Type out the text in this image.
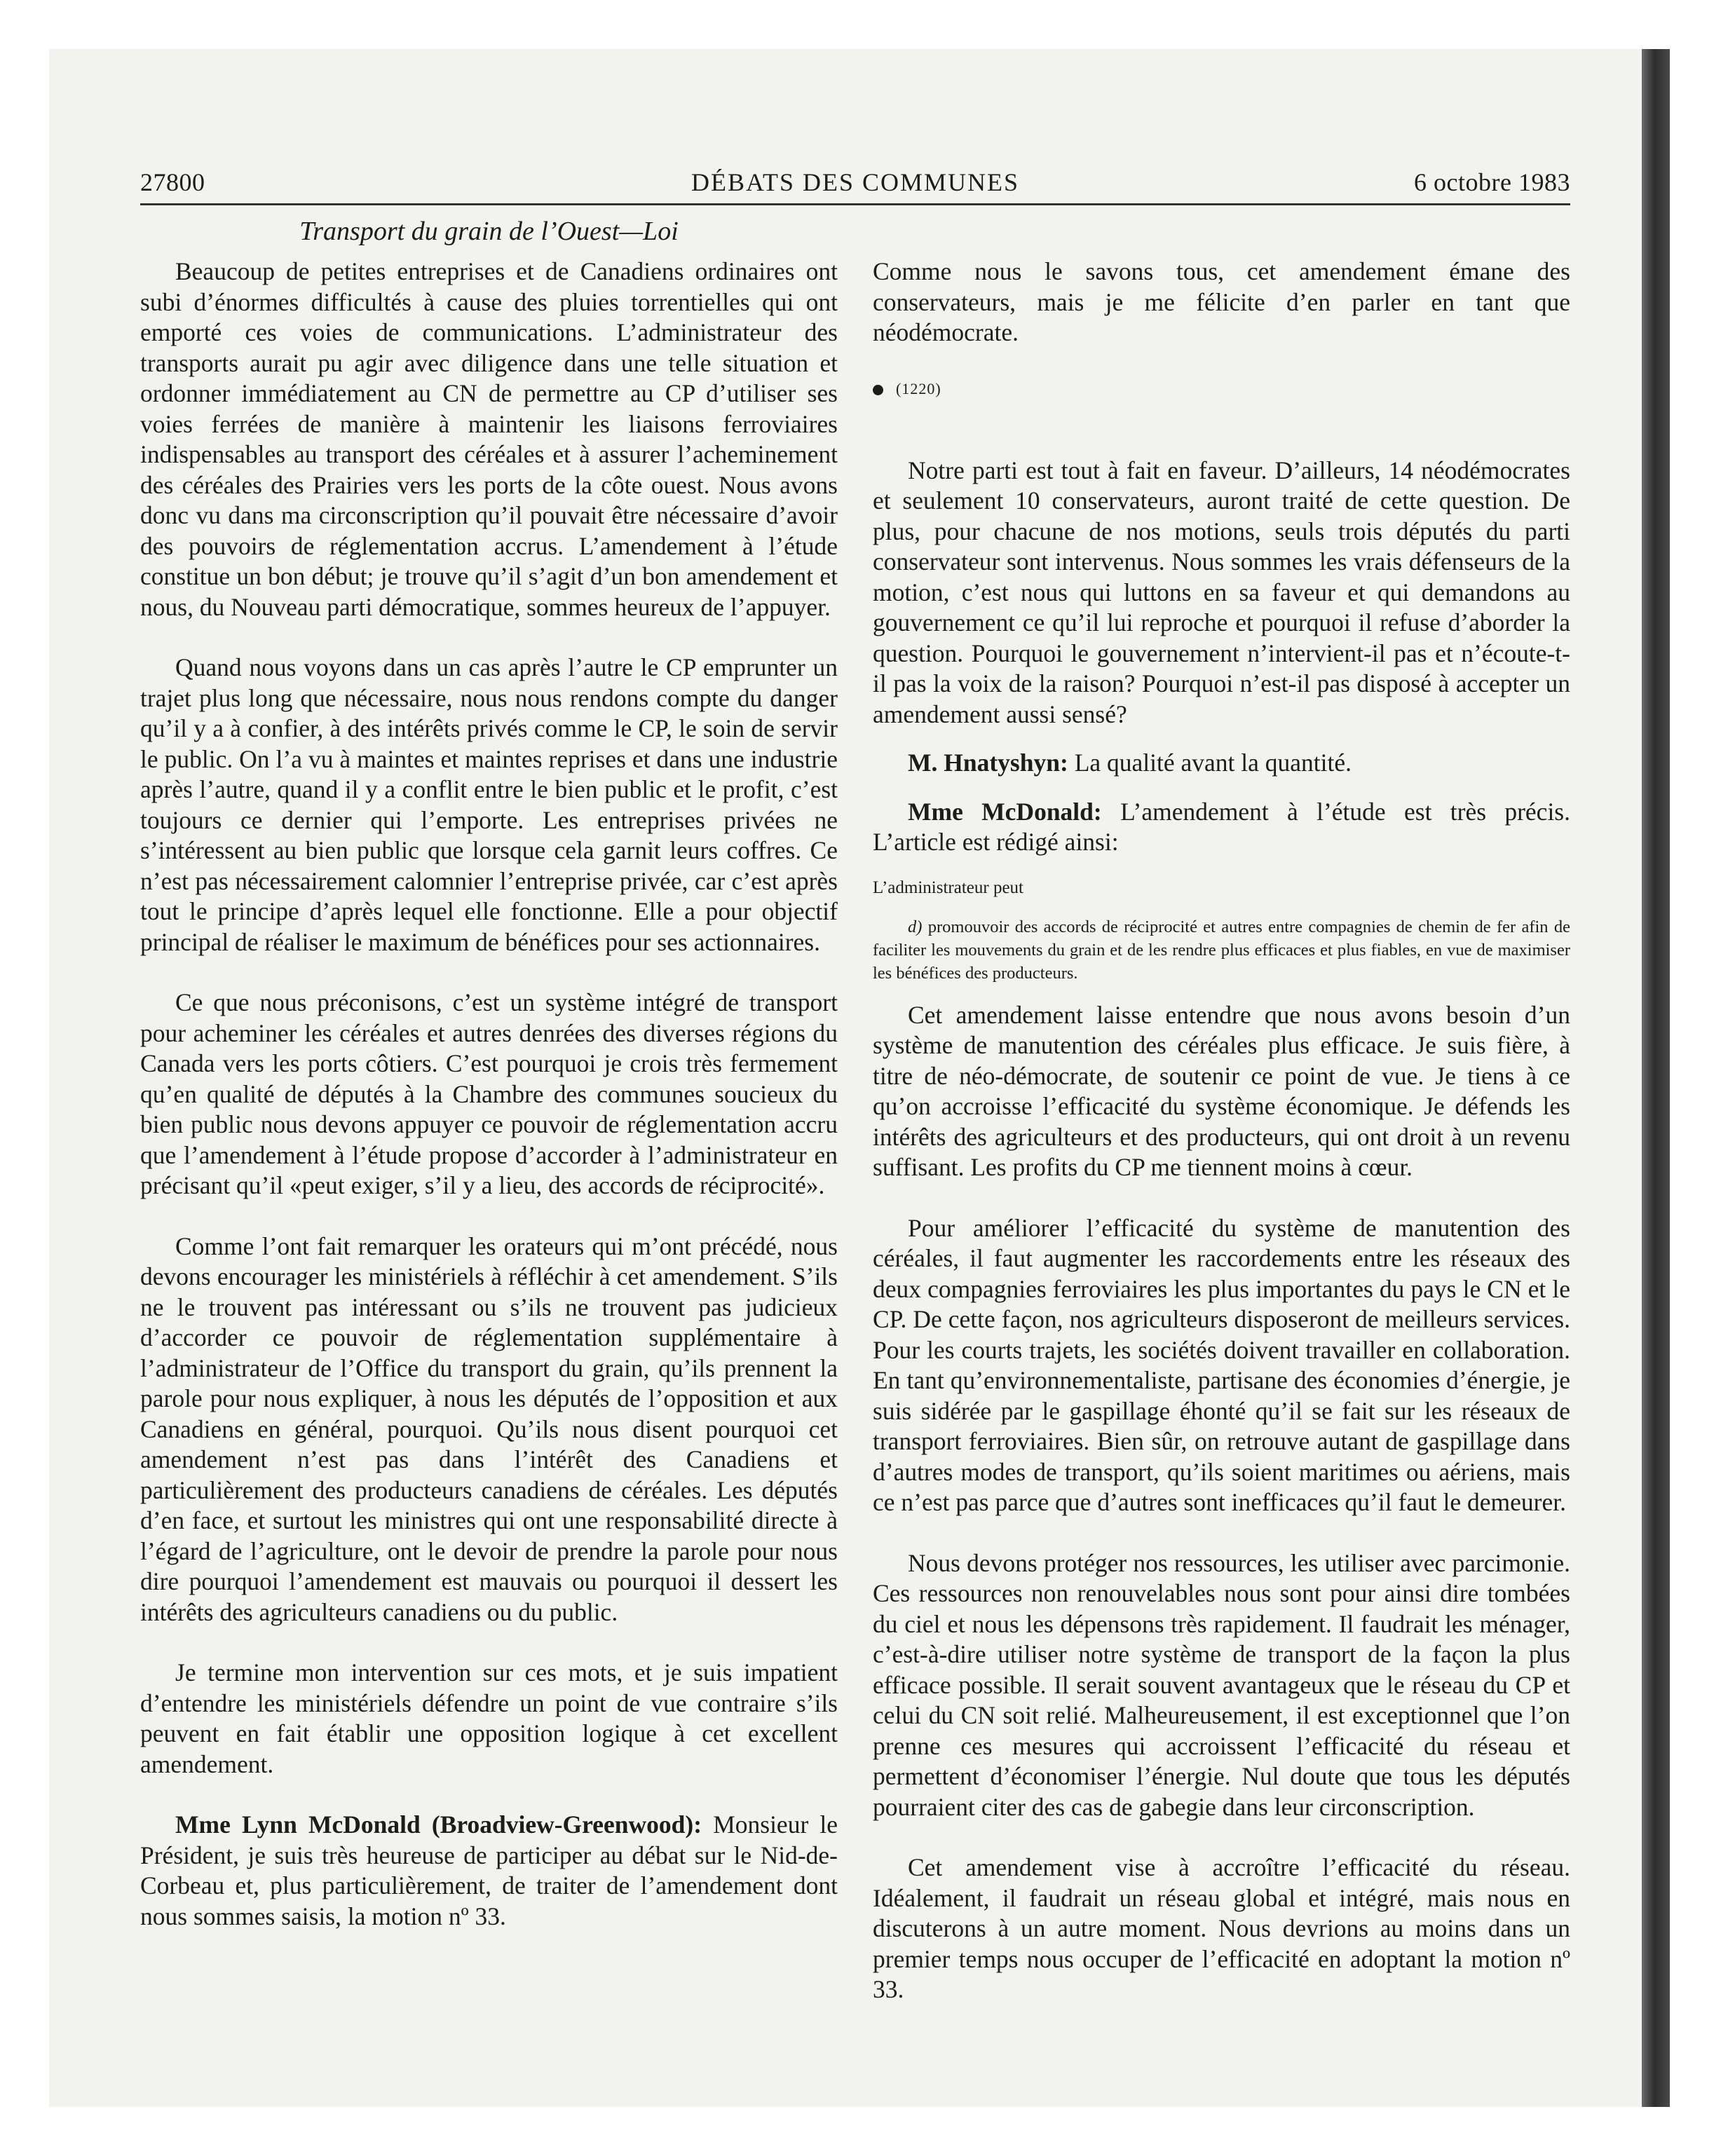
27800	DÉBATS DES COMMUNES	6 octobre 1983
Transport du grain de l’Ouest—Loi

Beaucoup de petites entreprises et de Canadiens ordinaires ont subi d’énormes difficultés à cause des pluies torrentielles qui ont emporté ces voies de communications. L’administrateur des transports aurait pu agir avec diligence dans une telle situation et ordonner immédiatement au CN de permettre au CP d’utiliser ses voies ferrées de manière à maintenir les liaisons ferroviaires indispensables au transport des céréales et à assurer l’acheminement des céréales des Prairies vers les ports de la côte ouest. Nous avons donc vu dans ma circonscription qu’il pouvait être nécessaire d’avoir des pouvoirs de réglementation accrus. L’amendement à l’étude constitue un bon début; je trouve qu’il s’agit d’un bon amendement et nous, du Nouveau parti démocratique, sommes heureux de l’appuyer.

Quand nous voyons dans un cas après l’autre le CP emprunter un trajet plus long que nécessaire, nous nous rendons compte du danger qu’il y a à confier, à des intérêts privés comme le CP, le soin de servir le public. On l’a vu à maintes et maintes reprises et dans une industrie après l’autre, quand il y a conflit entre le bien public et le profit, c’est toujours ce dernier qui l’emporte. Les entreprises privées ne s’intéressent au bien public que lorsque cela garnit leurs coffres. Ce n’est pas nécessairement calomnier l’entreprise privée, car c’est après tout le principe d’après lequel elle fonctionne. Elle a pour objectif principal de réaliser le maximum de bénéfices pour ses actionnaires.

Ce que nous préconisons, c’est un système intégré de transport pour acheminer les céréales et autres denrées des diverses régions du Canada vers les ports côtiers. C’est pourquoi je crois très fermement qu’en qualité de députés à la Chambre des communes soucieux du bien public nous devons appuyer ce pouvoir de réglementation accru que l’amendement à l’étude propose d’accorder à l’administrateur en précisant qu’il «peut exiger, s’il y a lieu, des accords de réciprocité».

Comme l’ont fait remarquer les orateurs qui m’ont précédé, nous devons encourager les ministériels à réfléchir à cet amendement. S’ils ne le trouvent pas intéressant ou s’ils ne trouvent pas judicieux d’accorder ce pouvoir de réglementation supplémentaire à l’administrateur de l’Office du transport du grain, qu’ils prennent la parole pour nous expliquer, à nous les députés de l’opposition et aux Canadiens en général, pourquoi. Qu’ils nous disent pourquoi cet amendement n’est pas dans l’intérêt des Canadiens et particulièrement des producteurs canadiens de céréales. Les députés d’en face, et surtout les ministres qui ont une responsabilité directe à l’égard de l’agriculture, ont le devoir de prendre la parole pour nous dire pourquoi l’amendement est mauvais ou pourquoi il dessert les intérêts des agriculteurs canadiens ou du public.

Je termine mon intervention sur ces mots, et je suis impatient d’entendre les ministériels défendre un point de vue contraire s’ils peuvent en fait établir une opposition logique à cet excellent amendement.

Mme Lynn McDonald (Broadview-Greenwood): Monsieur le Président, je suis très heureuse de participer au débat sur le Nid-de-Corbeau et, plus particulièrement, de traiter de l’amendement dont nous sommes saisis, la motion nº 33.

Comme nous le savons tous, cet amendement émane des conservateurs, mais je me félicite d’en parler en tant que néodémocrate.

(1220)

Notre parti est tout à fait en faveur. D’ailleurs, 14 néodémocrates et seulement 10 conservateurs, auront traité de cette question. De plus, pour chacune de nos motions, seuls trois députés du parti conservateur sont intervenus. Nous sommes les vrais défenseurs de la motion, c’est nous qui luttons en sa faveur et qui demandons au gouvernement ce qu’il lui reproche et pourquoi il refuse d’aborder la question. Pourquoi le gouvernement n’intervient-il pas et n’écoute-t-il pas la voix de la raison? Pourquoi n’est-il pas disposé à accepter un amendement aussi sensé?

M. Hnatyshyn: La qualité avant la quantité.

Mme McDonald: L’amendement à l’étude est très précis. L’article est rédigé ainsi:

L’administrateur peut
d) promouvoir des accords de réciprocité et autres entre compagnies de chemin de fer afin de faciliter les mouvements du grain et de les rendre plus efficaces et plus fiables, en vue de maximiser les bénéfices des producteurs.

Cet amendement laisse entendre que nous avons besoin d’un système de manutention des céréales plus efficace. Je suis fière, à titre de néo-démocrate, de soutenir ce point de vue. Je tiens à ce qu’on accroisse l’efficacité du système économique. Je défends les intérêts des agriculteurs et des producteurs, qui ont droit à un revenu suffisant. Les profits du CP me tiennent moins à cœur.

Pour améliorer l’efficacité du système de manutention des céréales, il faut augmenter les raccordements entre les réseaux des deux compagnies ferroviaires les plus importantes du pays le CN et le CP. De cette façon, nos agriculteurs disposeront de meilleurs services. Pour les courts trajets, les sociétés doivent travailler en collaboration. En tant qu’environnementaliste, partisane des économies d’énergie, je suis sidérée par le gaspillage éhonté qu’il se fait sur les réseaux de transport ferroviaires. Bien sûr, on retrouve autant de gaspillage dans d’autres modes de transport, qu’ils soient maritimes ou aériens, mais ce n’est pas parce que d’autres sont inefficaces qu’il faut le demeurer.

Nous devons protéger nos ressources, les utiliser avec parcimonie. Ces ressources non renouvelables nous sont pour ainsi dire tombées du ciel et nous les dépensons très rapidement. Il faudrait les ménager, c’est-à-dire utiliser notre système de transport de la façon la plus efficace possible. Il serait souvent avantageux que le réseau du CP et celui du CN soit relié. Malheureusement, il est exceptionnel que l’on prenne ces mesures qui accroissent l’efficacité du réseau et permettent d’économiser l’énergie. Nul doute que tous les députés pourraient citer des cas de gabegie dans leur circonscription.

Cet amendement vise à accroître l’efficacité du réseau. Idéalement, il faudrait un réseau global et intégré, mais nous en discuterons à un autre moment. Nous devrions au moins dans un premier temps nous occuper de l’efficacité en adoptant la motion nº 33.
